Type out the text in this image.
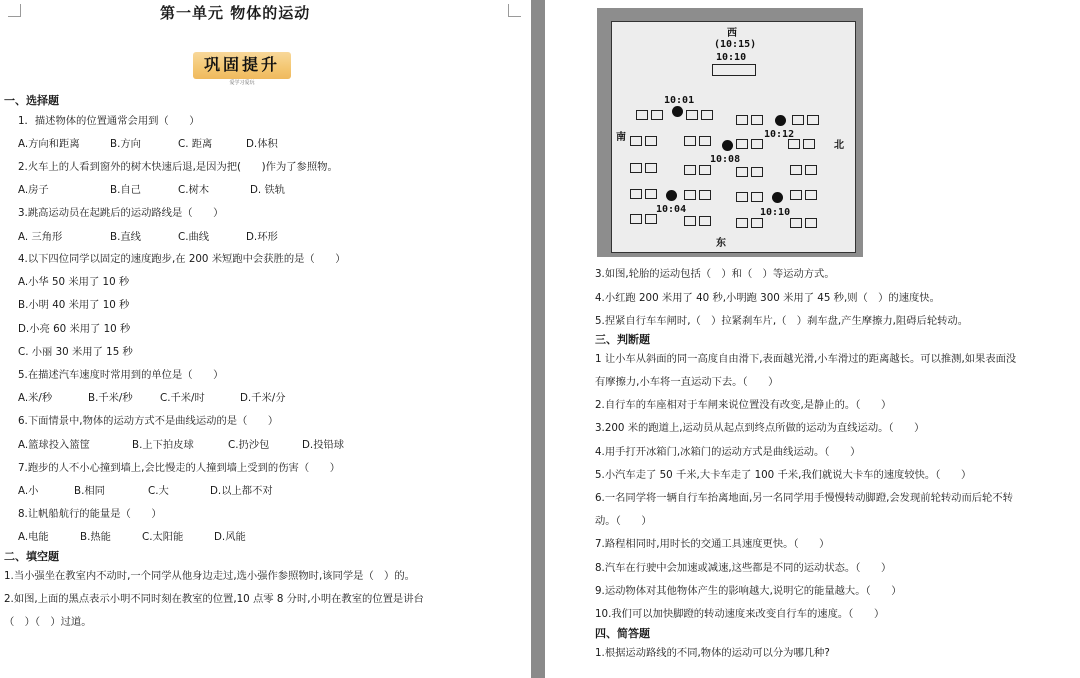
第一单元 物体的运动
巩固提升
爱学习爱玩
一、选择题
1．描述物体的位置通常会用到（　　）
A.方向和距离	B.方向	C. 距离	D.体积
2.火车上的人看到窗外的树木快速后退,是因为把(　　)作为了参照物。
A.房子	B.自己	C.树木	D. 铁轨
3.跳高运动员在起跳后的运动路线是（　　）
A. 三角形	B.直线	C.曲线	D.环形
4.以下四位同学以固定的速度跑步,在 200 米短跑中会获胜的是（　　）
A.小华 50 米用了 10 秒
B.小明 40 米用了 10 秒
D.小亮 60 米用了 10 秒
C. 小丽 30 米用了 15 秒
5.在描述汽车速度时常用到的单位是（　　）
A.米/秒	B.千米/秒	C.千米/时	D.千米/分
6.下面情景中,物体的运动方式不是曲线运动的是（　　）
A.篮球投入篮筐	B.上下拍皮球	C.扔沙包	D.投铅球
7.跑步的人不小心撞到墙上,会比慢走的人撞到墙上受到的伤害（　　）
A.小	B.相同	C.大	D.以上都不对
8.让帆船航行的能量是（　　）
A.电能	B.热能	C.太阳能	D.风能
二、填空题
1.当小强坐在教室内不动时,一个同学从他身边走过,选小强作参照物时,该同学是（　）的。
2.如图,上面的黑点表示小明不同时刻在教室的位置,10 点零 8 分时,小明在教室的位置是讲台
（　）（　）过道。
西
(10:15)
10:10
南
北
东
10:01
10:12
10:08
10:04	10:10
3.如图,轮胎的运动包括（　）和（　）等运动方式。
4.小红跑 200 米用了 40 秒,小明跑 300 米用了 45 秒,则（　）的速度快。
5.捏紧自行车车闸时,（　）拉紧刹车片,（　）刹车盘,产生摩擦力,阻碍后轮转动。
三、判断题
1 让小车从斜面的同一高度自由滑下,表面越光滑,小车滑过的距离越长。可以推测,如果表面没
有摩擦力,小车将一直运动下去。（　　）
2.自行车的车座相对于车闸来说位置没有改变,是静止的。（　　）
3.200 米的跑道上,运动员从起点到终点所做的运动为直线运动。（　　）
4.用手打开冰箱门,冰箱门的运动方式是曲线运动。（　　）
5.小汽车走了 50 千米,大卡车走了 100 千米,我们就说大卡车的速度较快。（　　）
6.一名同学将一辆自行车抬离地面,另一名同学用手慢慢转动脚蹬,会发现前轮转动而后轮不转
动。（　　）
7.路程相同时,用时长的交通工具速度更快。（　　）
8.汽车在行驶中会加速或减速,这些都是不同的运动状态。（　　）
9.运动物体对其他物体产生的影响越大,说明它的能量越大。（　　）
10.我们可以加快脚蹬的转动速度来改变自行车的速度。（　　）
四、简答题
1.根据运动路线的不同,物体的运动可以分为哪几种?
